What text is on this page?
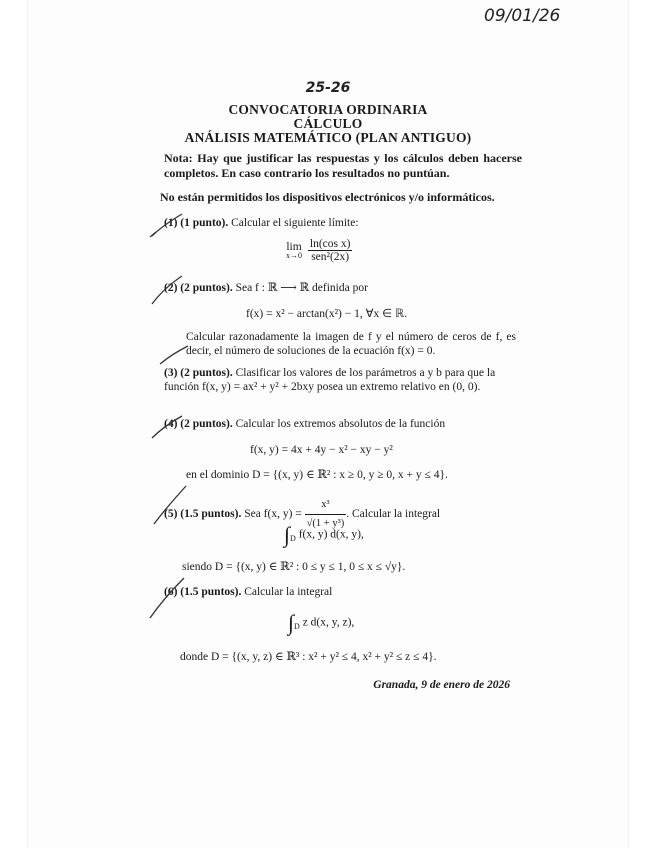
09/01/26
25-26
CONVOCATORIA ORDINARIA
CÁLCULO
ANÁLISIS MATEMÁTICO (PLAN ANTIGUO)
Nota: Hay que justificar las respuestas y los cálculos deben hacerse completos. En caso contrario los resultados no puntúan.
No están permitidos los dispositivos electrónicos y/o informáticos.
(1) (1 punto). Calcular el siguiente límite:
lim
x→0
$\frac{\text{ln(cos x)}}{\text{sen²(2x)}}$
(2) (2 puntos). Sea f : ℝ ⟶ ℝ definida por
f(x) = x² − arctan(x²) − 1, ∀x ∈ ℝ.
Calcular razonadamente la imagen de f y el número de ceros de f, es decir, el número de soluciones de la ecuación f(x) = 0.
(3) (2 puntos). Clasificar los valores de los parámetros a y b para que la función f(x, y) = ax² + y² + 2bxy posea un extremo relativo en (0, 0).
(4) (2 puntos). Calcular los extremos absolutos de la función
f(x, y) = 4x + 4y − x² − xy − y²
en el dominio D = {(x, y) ∈ ℝ² : x ≥ 0, y ≥ 0, x + y ≤ 4}.
(5) (1.5 puntos). Sea f(x, $y) = \frac{\text{x³}}{\text{√(1 + y³)}}$ . Calcular la integral
$\int_D$ f(x, y) d(x, y),
siendo D = {(x, y) ∈ ℝ² : 0 ≤ y ≤ 1, 0 ≤ x ≤ √y}.
(6) (1.5 puntos). Calcular la integral
$\int_D$ z d(x, y, z),
donde D = {(x, y, z) ∈ ℝ³ : x² + y² ≤ 4, x² + y² ≤ z ≤ 4}.
Granada, 9 de enero de 2026
